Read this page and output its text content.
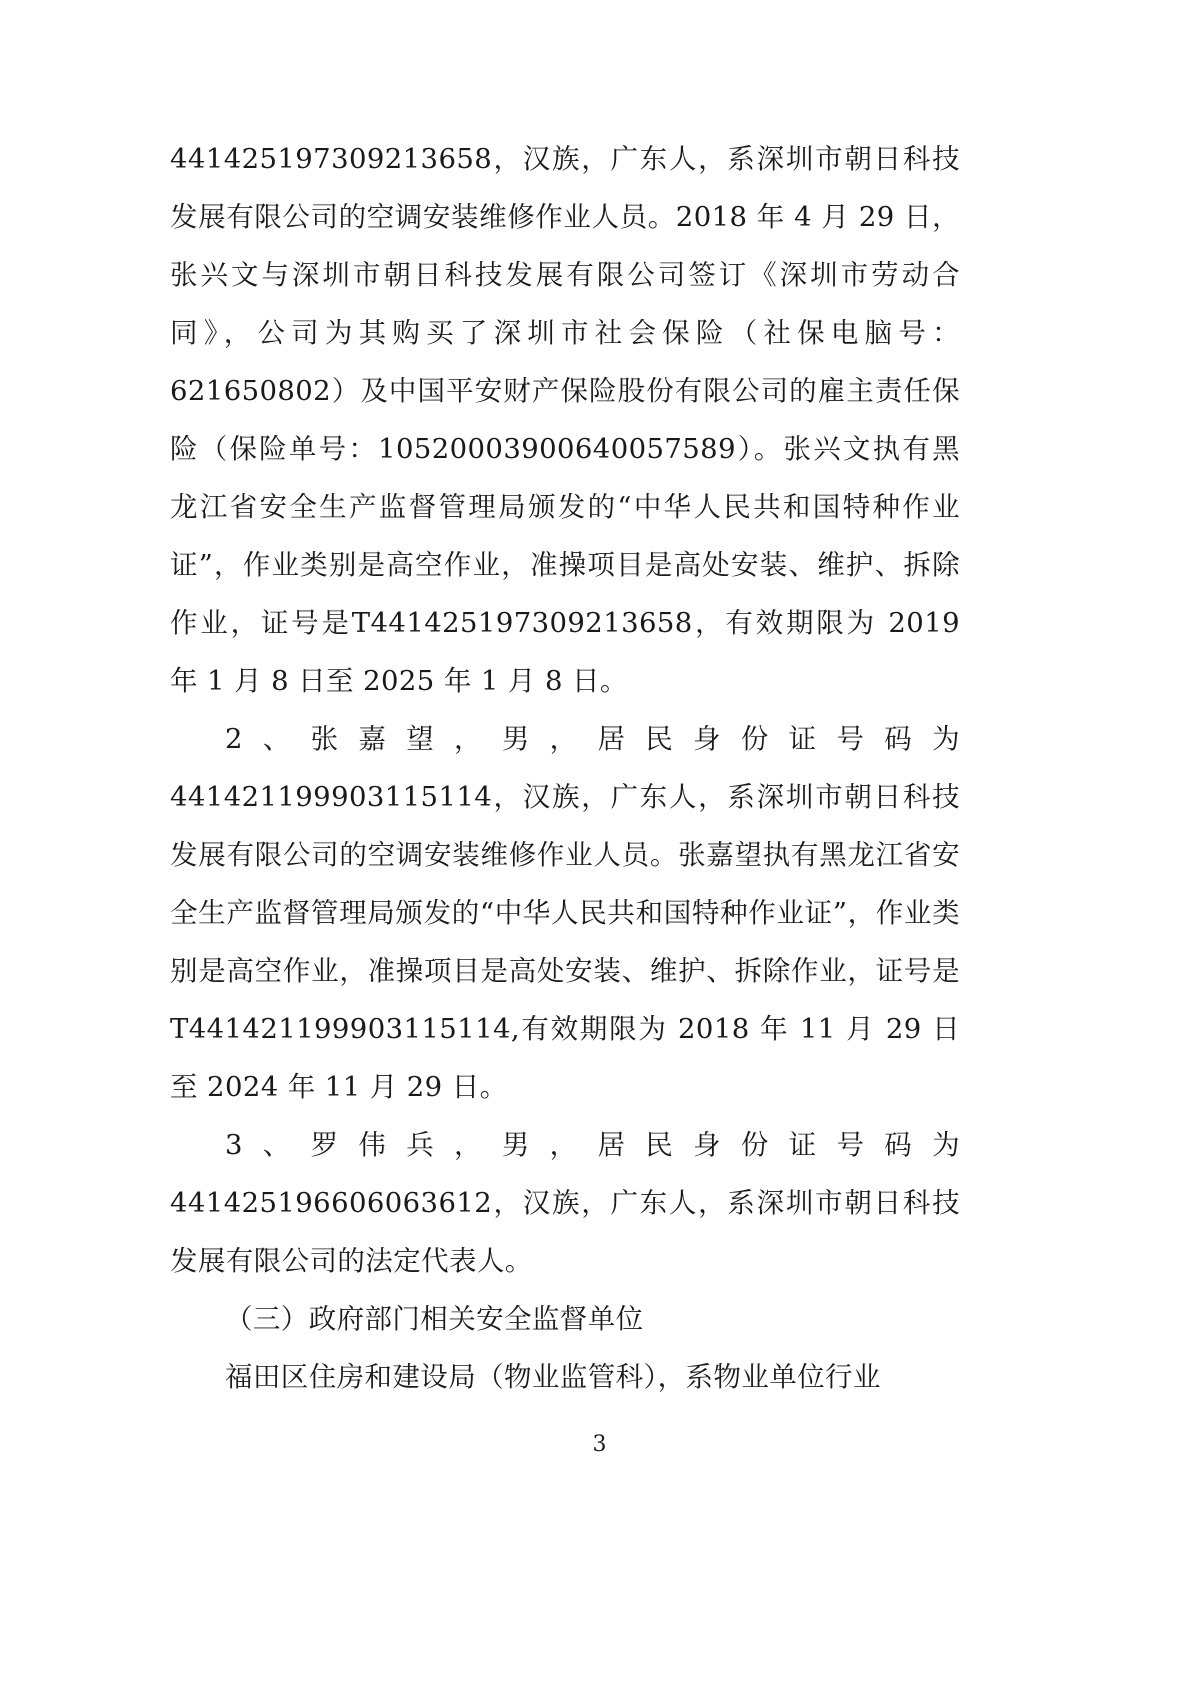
441425197309213658，汉族，广东人，系深圳市朝日科技发展有限公司的空调安装维修作业人员。2018 年 4 月 29 日，张兴文与深圳市朝日科技发展有限公司签订《深圳市劳动合同》，公司为其购买了深圳市社会保险（社保电脑号：621650802）及中国平安财产保险股份有限公司的雇主责任保险（保险单号：10520003900640057589）。张兴文执有黑龙江省安全生产监督管理局颁发的“中华人民共和国特种作业证”，作业类别是高空作业，准操项目是高处安装、维护、拆除作业，证号是T441425197309213658，有效期限为 2019 年 1 月 8 日至 2025 年 1 月 8 日。

2、张嘉望，男，居民身份证号码为 441421199903115114，汉族，广东人，系深圳市朝日科技发展有限公司的空调安装维修作业人员。张嘉望执有黑龙江省安全生产监督管理局颁发的“中华人民共和国特种作业证”，作业类别是高空作业，准操项目是高处安装、维护、拆除作业，证号是T441421199903115114,有效期限为 2018 年 11 月 29 日至 2024 年 11 月 29 日。

3、罗伟兵，男，居民身份证号码为 441425196606063612，汉族，广东人，系深圳市朝日科技发展有限公司的法定代表人。

（三）政府部门相关安全监督单位

福田区住房和建设局（物业监管科），系物业单位行业

3
